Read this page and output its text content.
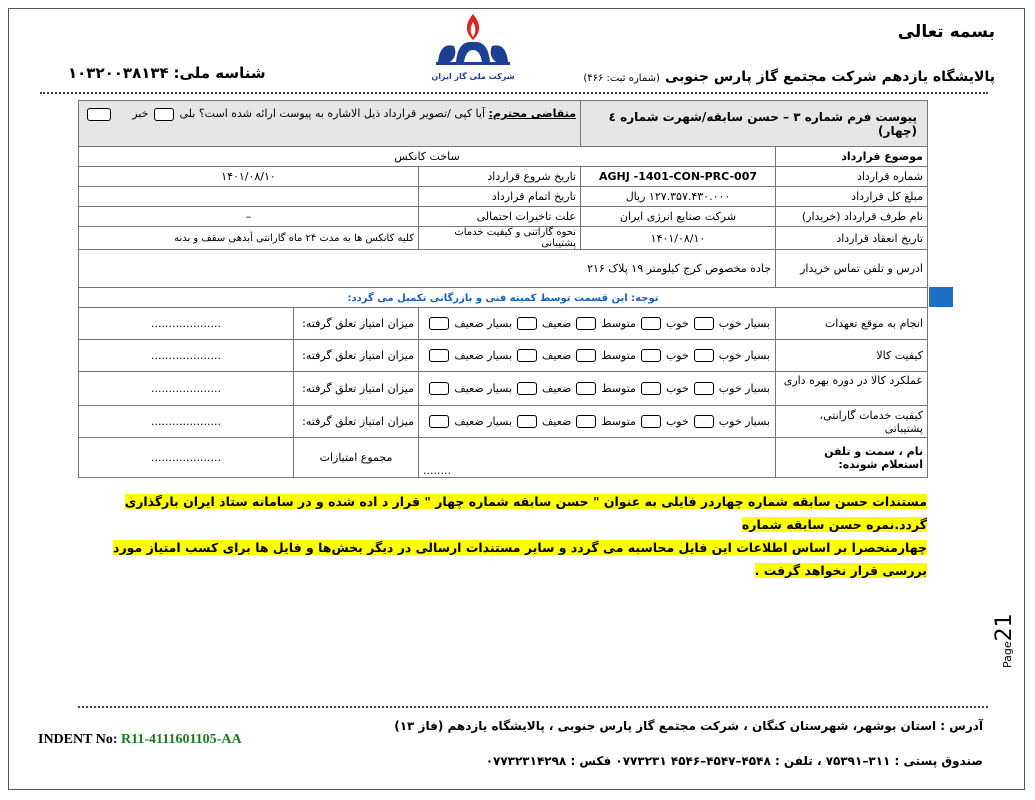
بسمه تعالی
شرکت ملی گاز ایران	پالایشگاه یازدهم شرکت مجتمع گاز پارس جنوبی (شماره ثبت: ۴۶۶)
شناسه ملی: ۱۰۳۲۰۰۳۸۱۳۴
پیوست فرم شماره ۳ – حسن سابقه/شهرت شماره ٤ (چهار)		متقاضی محترم: آیا کپی /تصویر قرارداد ذیل الاشاره به پیوست ارائه شده است؟ بلی  خبر		
موضوع قرارداد	ساخت کانکس			
شماره قرارداد	AGHJ -1401-CON-PRC-007	تاریخ شروع قرارداد	۱۴۰۱/۰۸/۱۰	
مبلغ کل قرارداد	۱۲۷.۳۵۷.۴۳۰.۰۰۰ ریال	تاریخ اتمام قرارداد		
نام طرف قرارداد (خریدار)	شرکت صنایع انرژی ایران	علت تاخیرات احتمالی	–	
تاریخ انعقاد قرارداد	۱۴۰۱/۰۸/۱۰	نحوه گاراتنی و کیفیت خدمات پشتیبانی	کلیه کانکس ها به مدت ۲۴ ماه گارانتی آبدهی سقف و بدنه	
ادرس و تلفن تماس خریدار	جاده مخصوص کرج کیلومتر ۱۹ پلاک ۲۱۶			
توجه: این قسمت توسط کمیته فنی و بازرگانی تکمیل می گردد:				

انجام به موقع تعهدات	بسیار خوب
خوب
متوسط
ضعیف
بسیار ضعیف		میزان امتیاز تعلق گرفته:	....................
کیفیت کالا	بسیار خوب
خوب
متوسط
ضعیف
بسیار ضعیف		میزان امتیاز تعلق گرفته:	....................
عملکرد کالا در دوره بهره داری	بسیار خوب
خوب
متوسط
ضعیف
بسیار ضعیف		میزان امتیاز تعلق گرفته:	....................
کیفیت خدمات گارانتی، پشتیبانی	بسیار خوب
خوب
متوسط
ضعیف
بسیار ضعیف		میزان امتیاز تعلق گرفته:	....................
نام ، سمت و تلفن استعلام شونده:	........		مجموع امتیازات	....................
مستندات حسن سابقه شماره چهاردر فایلی به عنوان " حسن سابقه شماره چهار " قرار د اده شده و در سامانه ستاد ایران بارگذاری گردد.نمره حسن سابقه شماره
چهارمنحصرا بر اساس اطلاعات این فایل محاسبه می گردد و سایر مستندات ارسالی در دیگر بخش‌ها و فایل ها برای کسب امتیاز مورد بررسی قرار نخواهد گرفت .
Page21
آدرس : استان بوشهر، شهرستان کنگان ، شرکت مجتمع گاز پارس جنوبی ، پالایشگاه یازدهم (فاز ۱۳)
صندوق پستی : ۳۱۱–۷۵۳۹۱ ، تلفن : ۴۵۴۸–۴۵۴۷–۴۵۴۶ ۰۷۷۳۲۳۱ فکس : ۰۷۷۳۲۳۱۴۲۹۸
INDENT No: R11-4111601105-AA
